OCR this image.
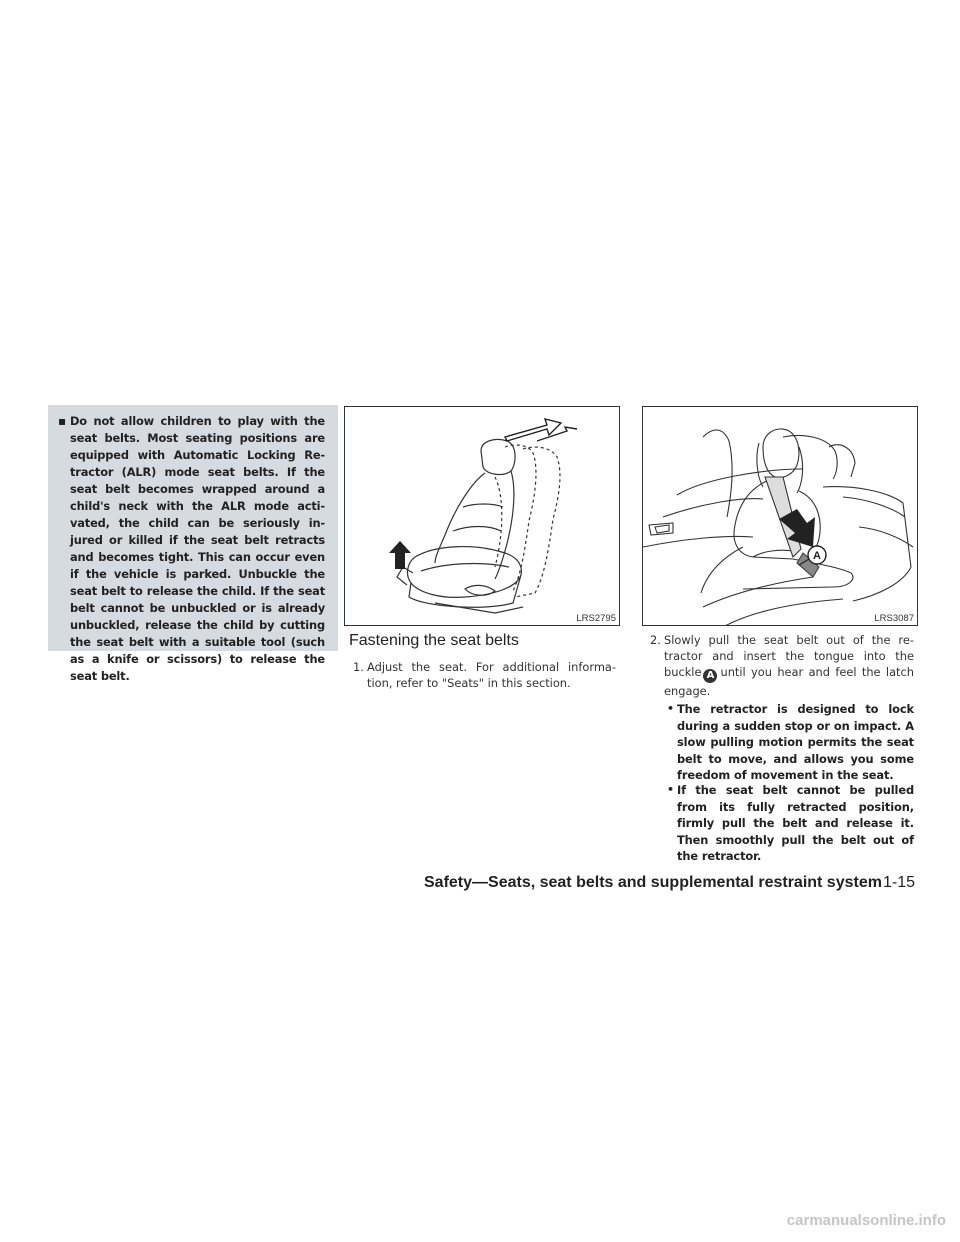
▪ Do not allow children to play with the seat belts. Most seating positions are equipped with Automatic Locking Re- tractor (ALR) mode seat belts. If the seat belt becomes wrapped around a child's neck with the ALR mode acti- vated, the child can be seriously in- jured or killed if the seat belt retracts and becomes tight. This can occur even if the vehicle is parked. Unbuckle the seat belt to release the child. If the seat belt cannot be unbuckled or is already unbuckled, release the child by cutting the seat belt with a suitable tool (such as a knife or scissors) to release the seat belt.
LRS2795
A
LRS3087
Fastening the seat belts
1. Adjust the seat. For additional informa- tion, refer to "Seats" in this section.
2. Slowly pull the seat belt out of the re- tractor and insert the tongue into the buckle A until you hear and feel the latch engage.
• The retractor is designed to lock during a sudden stop or on impact. A slow pulling motion permits the seat belt to move, and allows you some freedom of movement in the seat.
• If the seat belt cannot be pulled from its fully retracted position, firmly pull the belt and release it. Then smoothly pull the belt out of the retractor.
Safety—Seats, seat belts and supplemental restraint system 1-15
carmanualsonline.info
